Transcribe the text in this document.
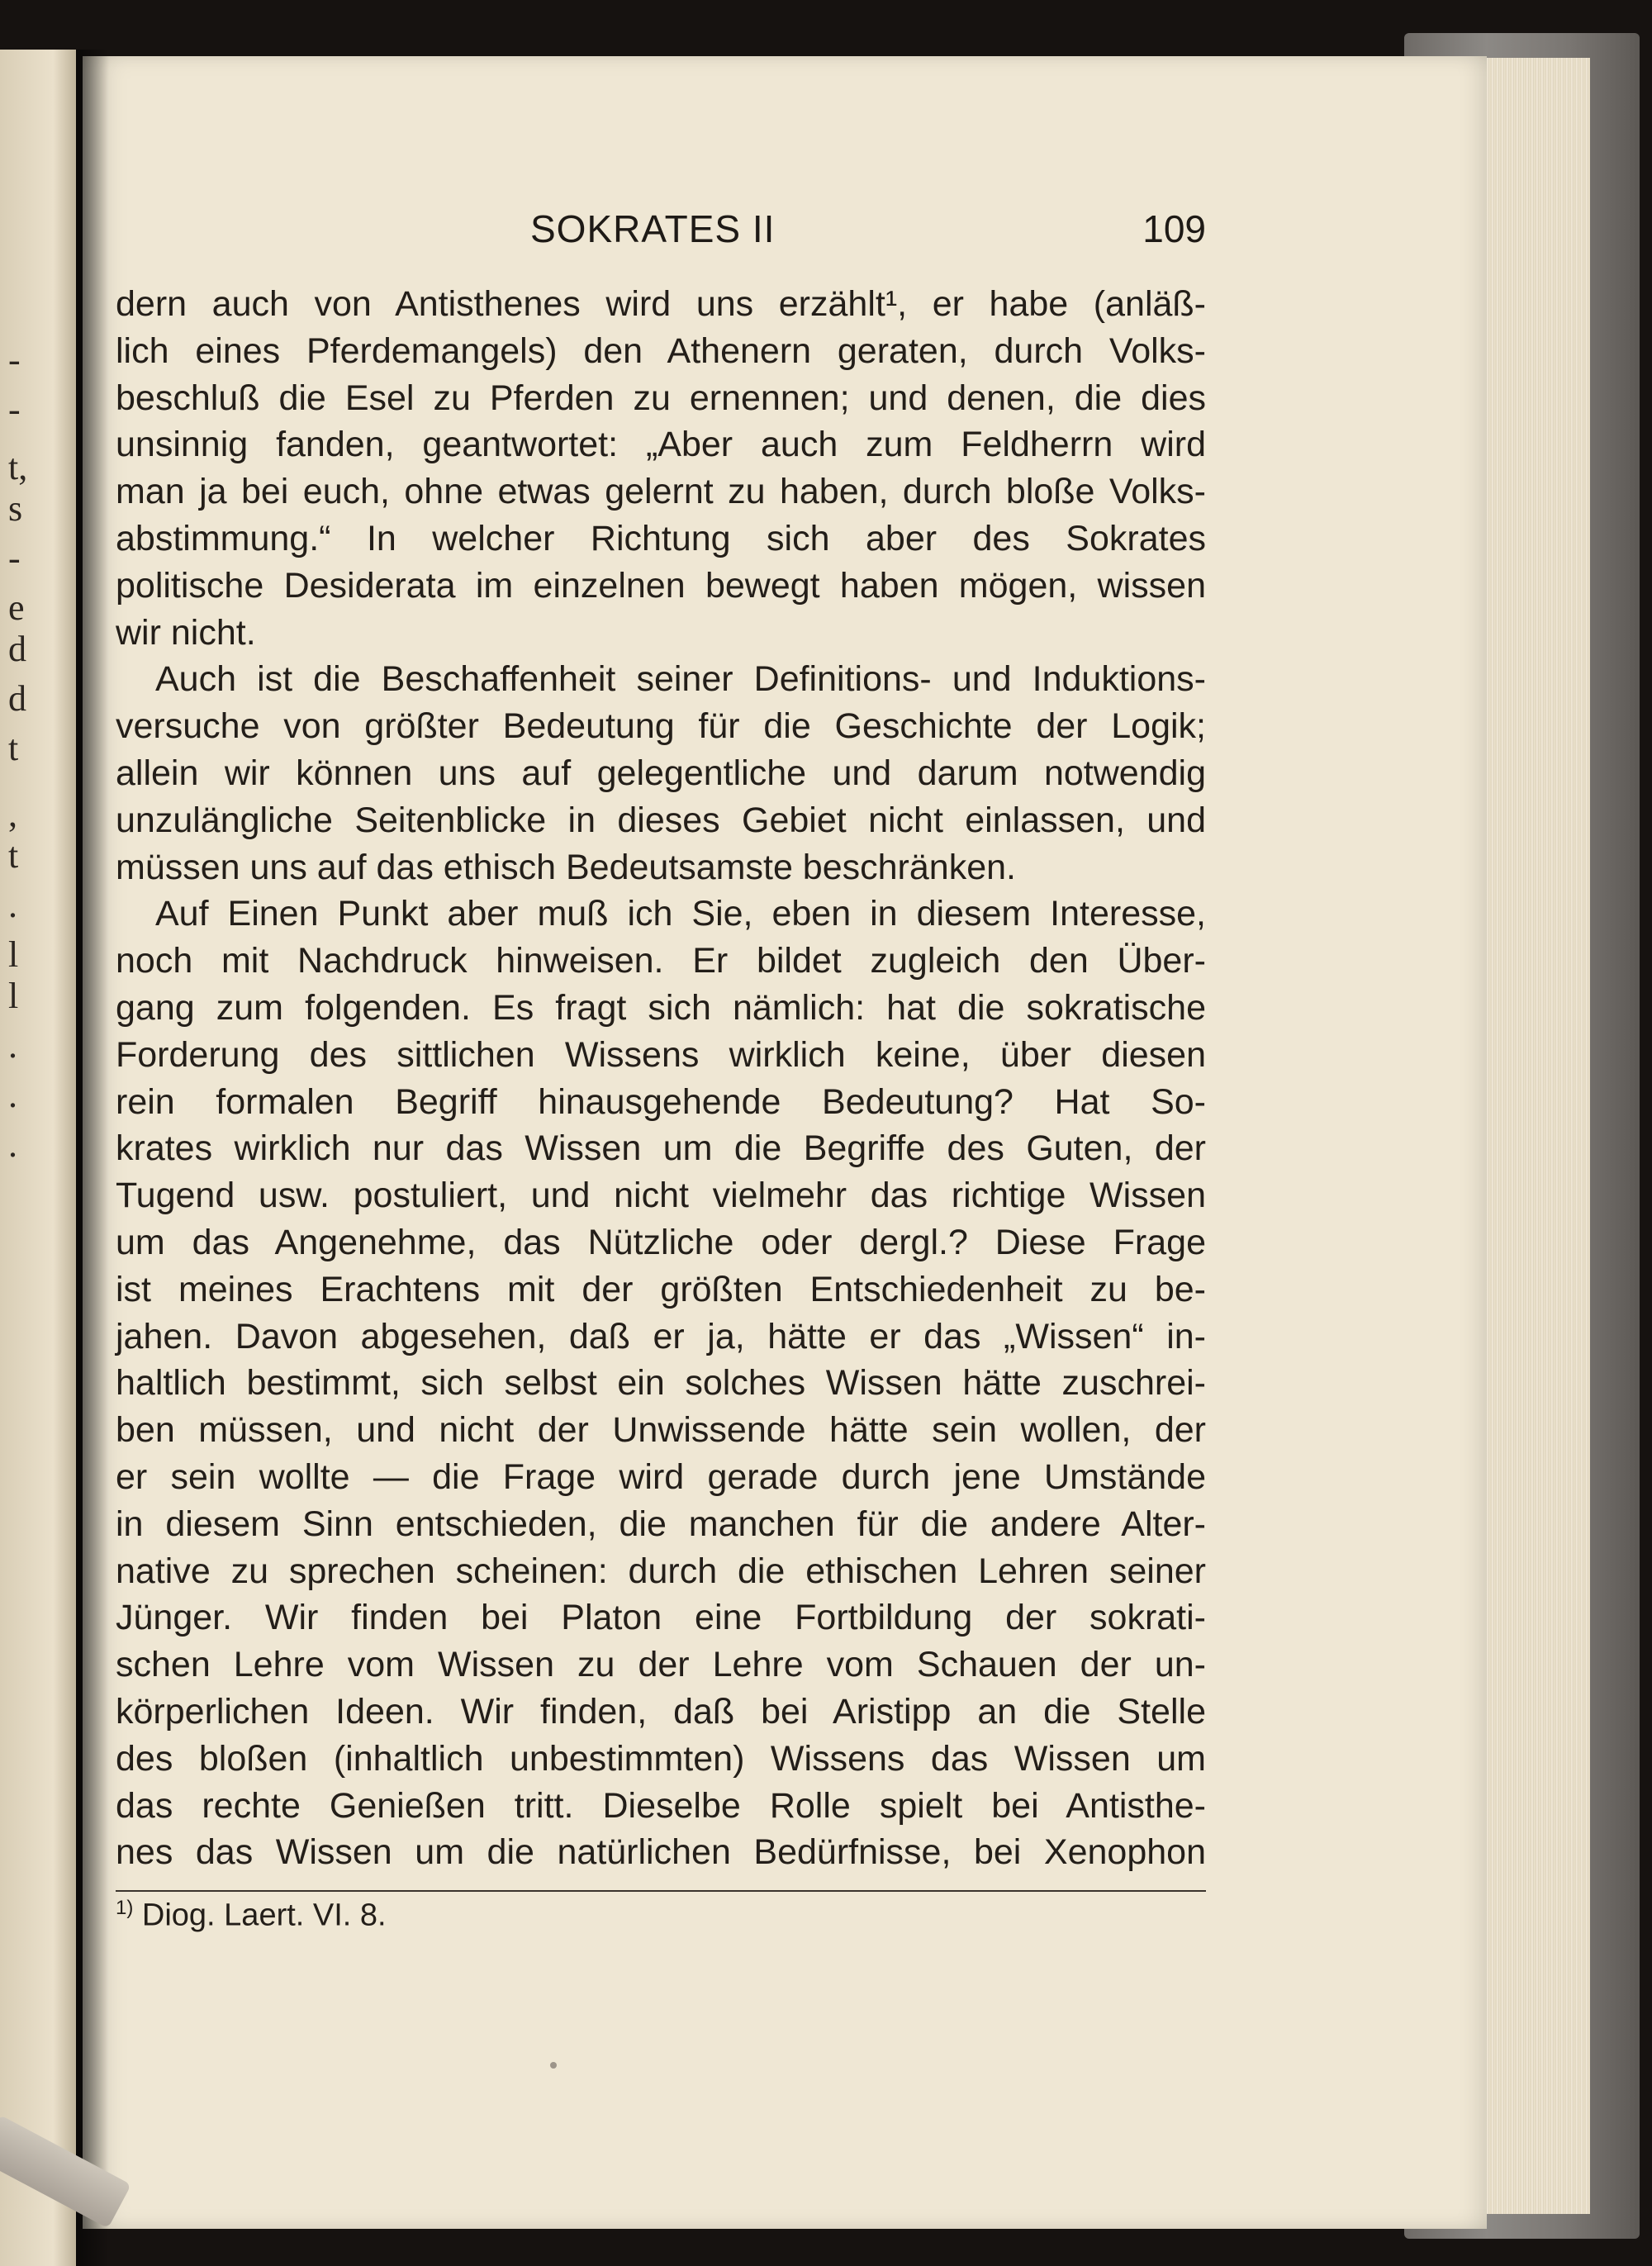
-
-
t,
s
-
e
d
d
t
,
t
.
l
l
.
.
.
SOKRATES II	109
dern auch von Antisthenes wird uns erzählt¹, er habe (anläß-
lich eines Pferdemangels) den Athenern geraten, durch Volks-
beschluß die Esel zu Pferden zu ernennen; und denen, die dies
unsinnig fanden, geantwortet: „Aber auch zum Feldherrn wird
man ja bei euch, ohne etwas gelernt zu haben, durch bloße Volks-
abstimmung.“ In welcher Richtung sich aber des Sokrates
politische Desiderata im einzelnen bewegt haben mögen, wissen
wir nicht.
Auch ist die Beschaffenheit seiner Definitions- und Induktions-
versuche von größter Bedeutung für die Geschichte der Logik;
allein wir können uns auf gelegentliche und darum notwendig
unzulängliche Seitenblicke in dieses Gebiet nicht einlassen, und
müssen uns auf das ethisch Bedeutsamste beschränken.
Auf Einen Punkt aber muß ich Sie, eben in diesem Interesse,
noch mit Nachdruck hinweisen. Er bildet zugleich den Über-
gang zum folgenden. Es fragt sich nämlich: hat die sokratische
Forderung des sittlichen Wissens wirklich keine, über diesen
rein formalen Begriff hinausgehende Bedeutung? Hat So-
krates wirklich nur das Wissen um die Begriffe des Guten, der
Tugend usw. postuliert, und nicht vielmehr das richtige Wissen
um das Angenehme, das Nützliche oder dergl.? Diese Frage
ist meines Erachtens mit der größten Entschiedenheit zu be-
jahen. Davon abgesehen, daß er ja, hätte er das „Wissen“ in-
haltlich bestimmt, sich selbst ein solches Wissen hätte zuschrei-
ben müssen, und nicht der Unwissende hätte sein wollen, der
er sein wollte — die Frage wird gerade durch jene Umstände
in diesem Sinn entschieden, die manchen für die andere Alter-
native zu sprechen scheinen: durch die ethischen Lehren seiner
Jünger. Wir finden bei Platon eine Fortbildung der sokrati-
schen Lehre vom Wissen zu der Lehre vom Schauen der un-
körperlichen Ideen. Wir finden, daß bei Aristipp an die Stelle
des bloßen (inhaltlich unbestimmten) Wissens das Wissen um
das rechte Genießen tritt. Dieselbe Rolle spielt bei Antisthe-
nes das Wissen um die natürlichen Bedürfnisse, bei Xenophon
$^{1)}$ Diog. Laert. VI. 8.
